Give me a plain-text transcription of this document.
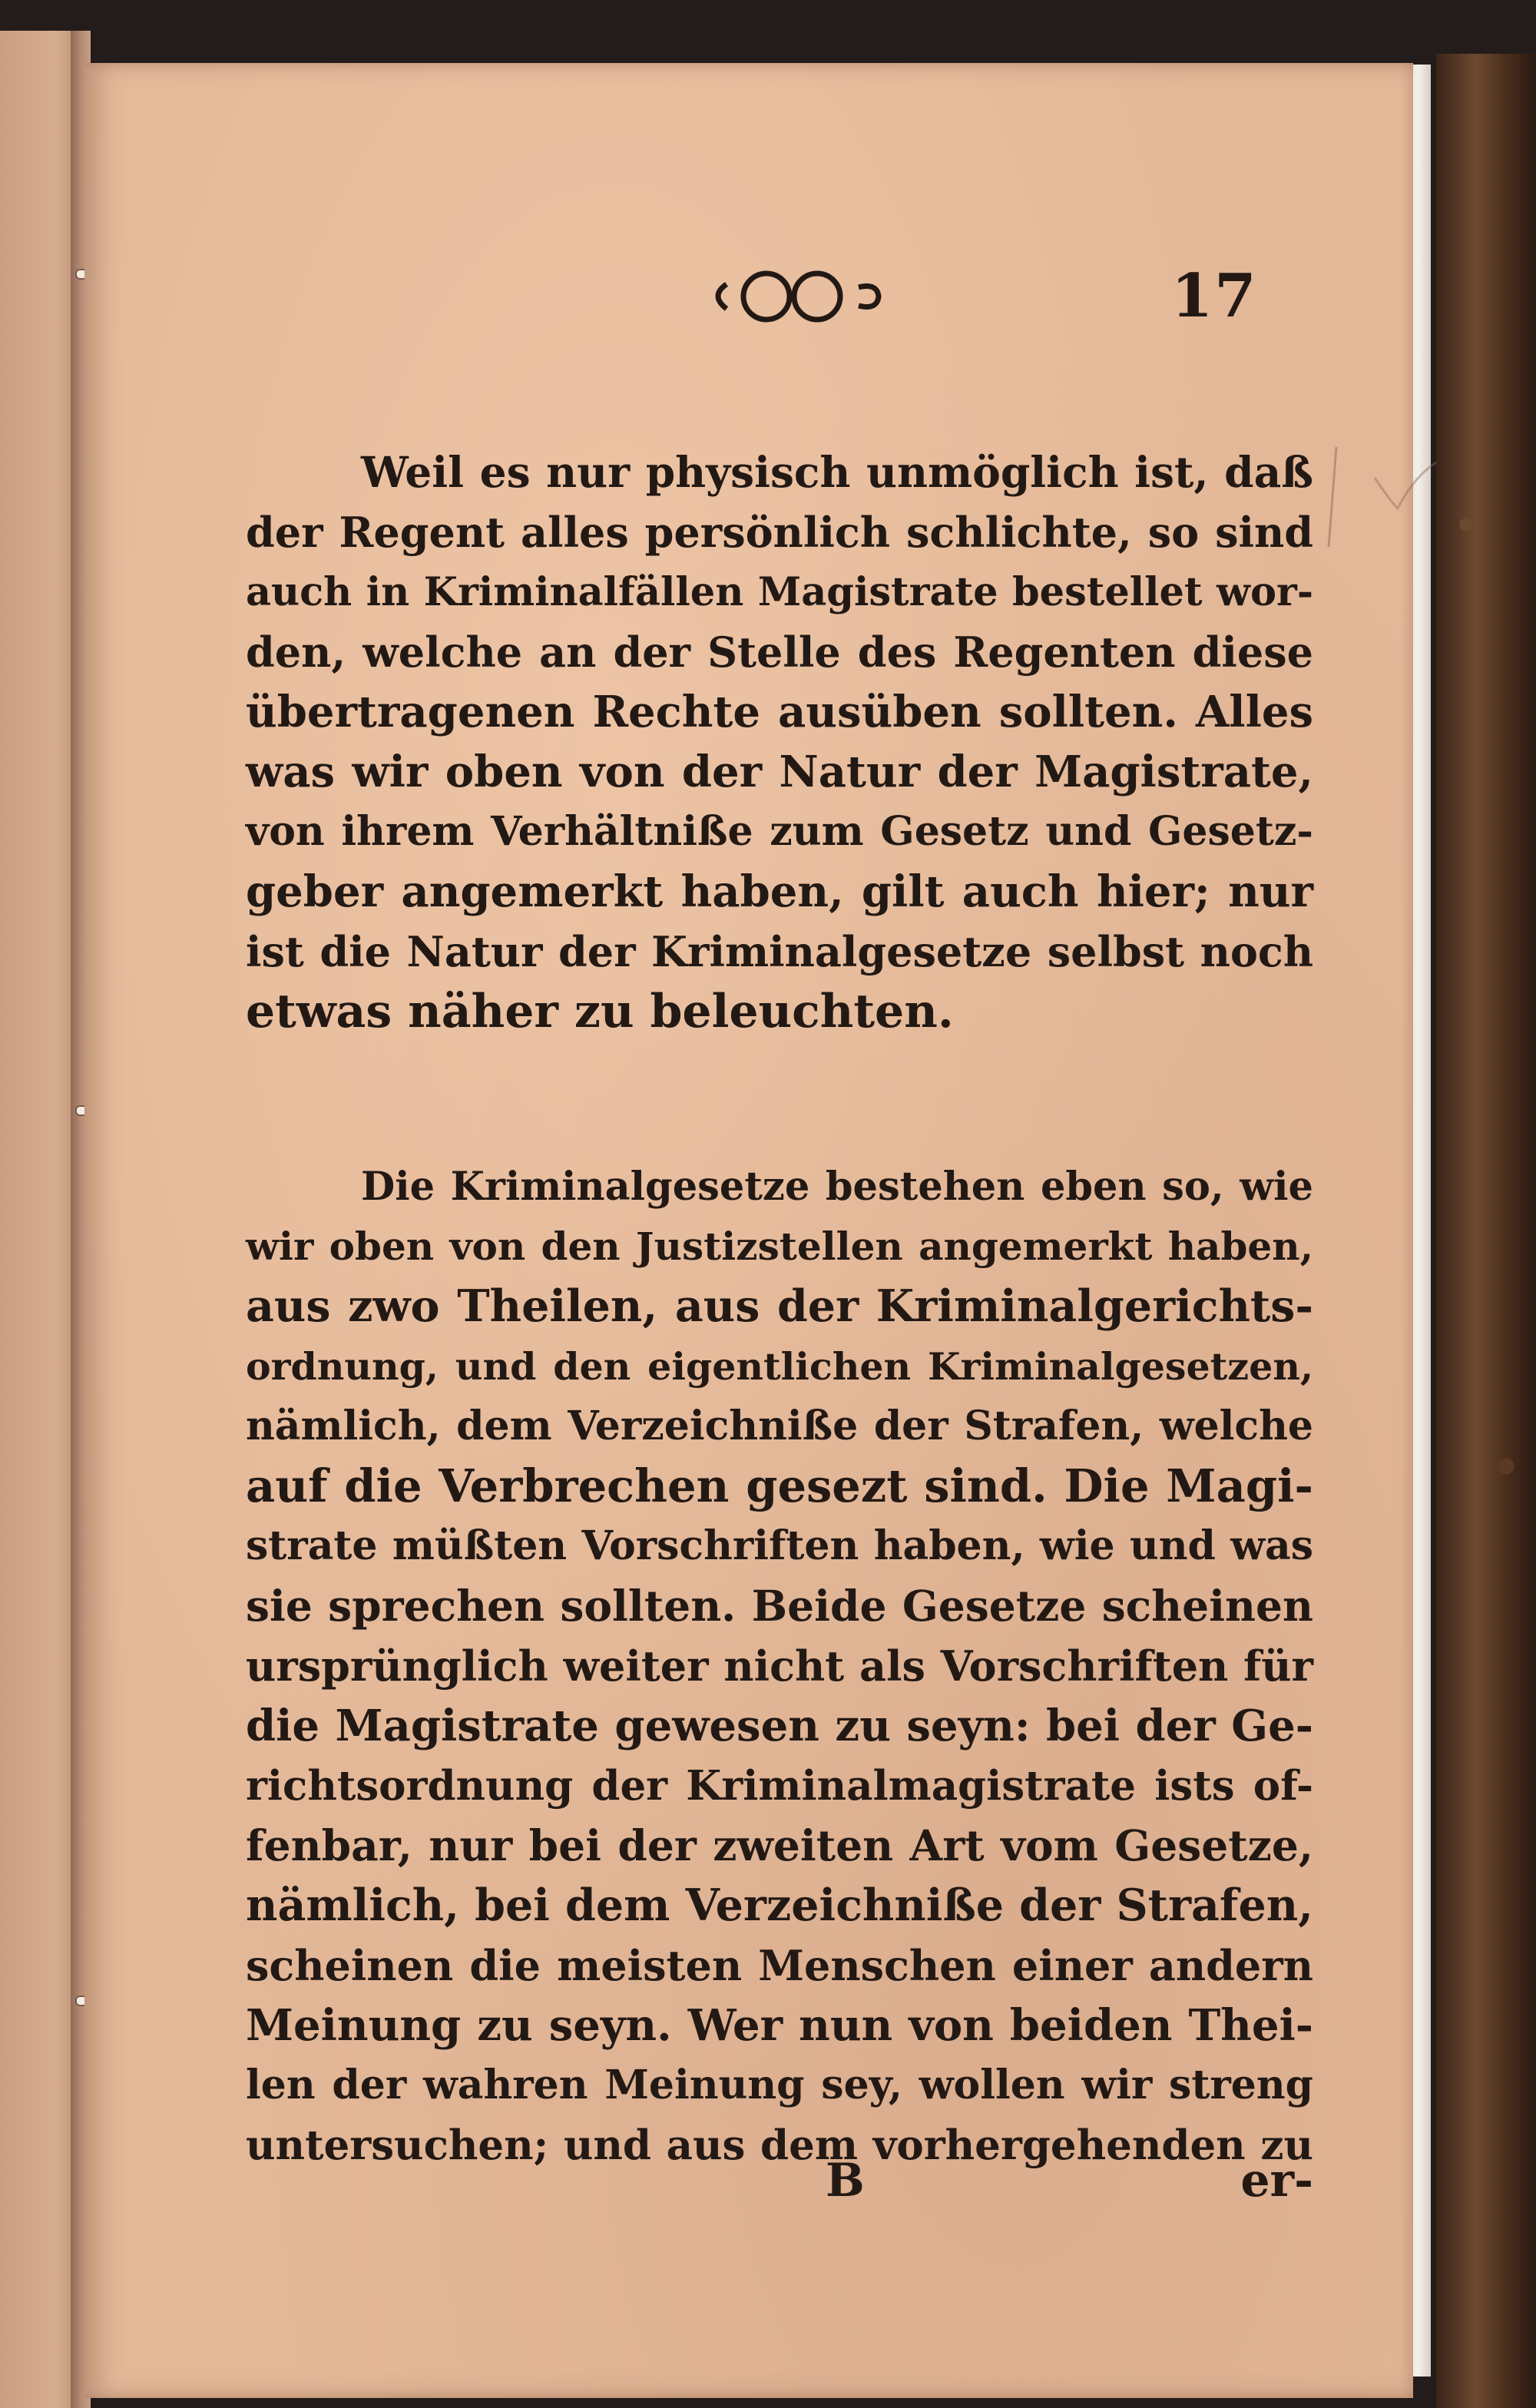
17

Weil es nur physisch unmöglich ist, daß
der Regent alles persönlich schlichte, so sind
auch in Kriminalfällen Magistrate bestellet wor-
den, welche an der Stelle des Regenten diese
übertragenen Rechte ausüben sollten. Alles
was wir oben von der Natur der Magistrate,
von ihrem Verhältniße zum Gesetz und Gesetz-
geber angemerkt haben, gilt auch hier; nur
ist die Natur der Kriminalgesetze selbst noch
etwas näher zu beleuchten.
Die Kriminalgesetze bestehen eben so, wie
wir oben von den Justizstellen angemerkt haben,
aus zwo Theilen, aus der Kriminalgerichts-
ordnung, und den eigentlichen Kriminalgesetzen,
nämlich, dem Verzeichniße der Strafen, welche
auf die Verbrechen gesezt sind. Die Magi-
strate müßten Vorschriften haben, wie und was
sie sprechen sollten. Beide Gesetze scheinen
ursprünglich weiter nicht als Vorschriften für
die Magistrate gewesen zu seyn: bei der Ge-
richtsordnung der Kriminalmagistrate ists of-
fenbar, nur bei der zweiten Art vom Gesetze,
nämlich, bei dem Verzeichniße der Strafen,
scheinen die meisten Menschen einer andern
Meinung zu seyn. Wer nun von beiden Thei-
len der wahren Meinung sey, wollen wir streng
untersuchen; und aus dem vorhergehenden zu

B	er-
